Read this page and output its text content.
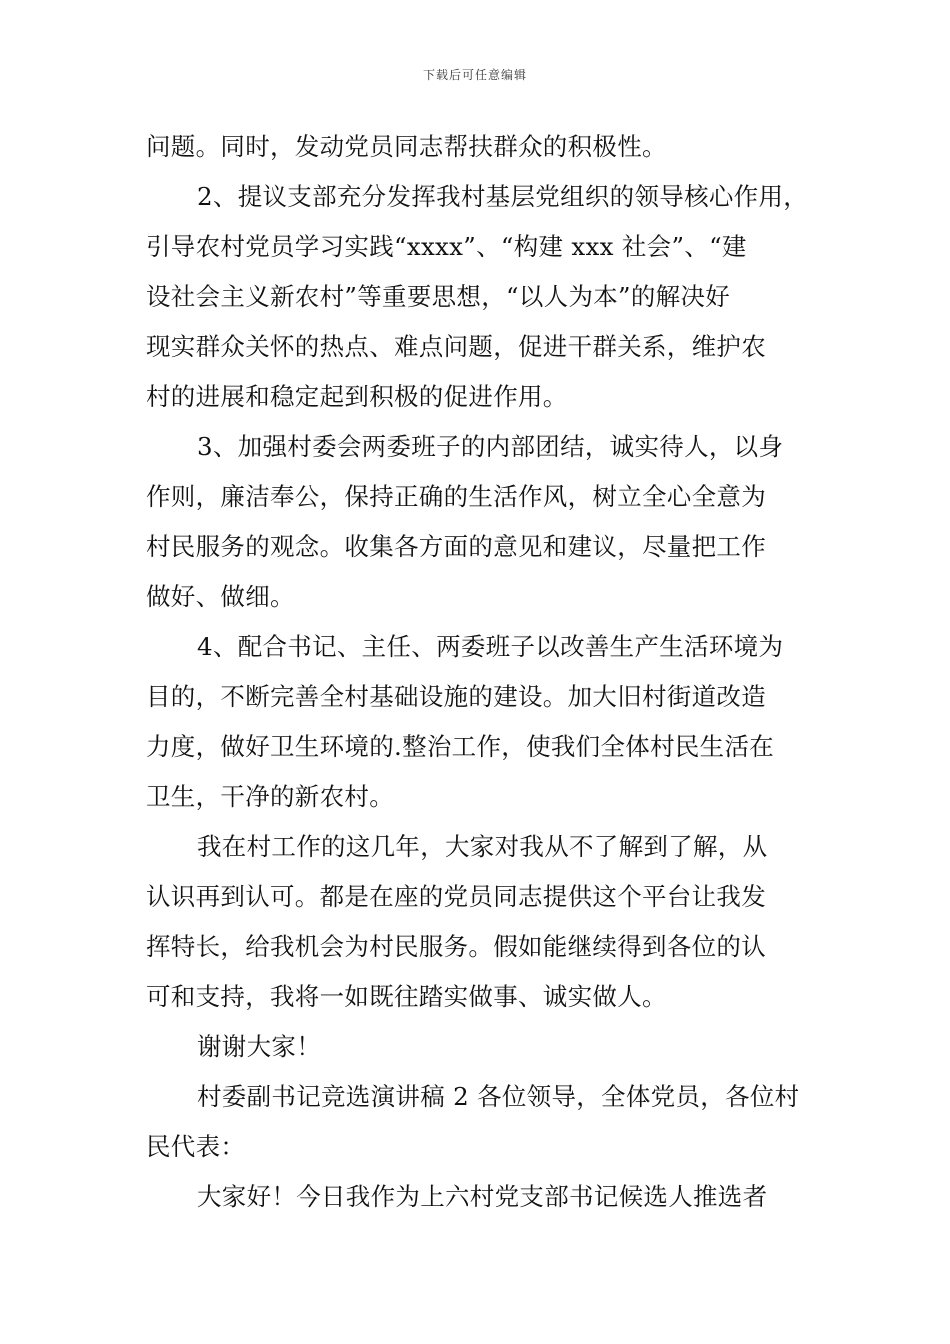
下载后可任意编辑
问题。同时，发动党员同志帮扶群众的积极性。
2、提议支部充分发挥我村基层党组织的领导核心作用，
引导农村党员学习实践“xxxx”、“构建 xxx 社会”、“建
设社会主义新农村”等重要思想，“以人为本”的解决好
现实群众关怀的热点、难点问题，促进干群关系，维护农
村的进展和稳定起到积极的促进作用。
3、加强村委会两委班子的内部团结，诚实待人，以身
作则，廉洁奉公，保持正确的生活作风，树立全心全意为
村民服务的观念。收集各方面的意见和建议，尽量把工作
做好、做细。
4、配合书记、主任、两委班子以改善生产生活环境为
目的，不断完善全村基础设施的建设。加大旧村街道改造
力度，做好卫生环境的.整治工作，使我们全体村民生活在
卫生，干净的新农村。
我在村工作的这几年，大家对我从不了解到了解，从
认识再到认可。都是在座的党员同志提供这个平台让我发
挥特长，给我机会为村民服务。假如能继续得到各位的认
可和支持，我将一如既往踏实做事、诚实做人。
谢谢大家！
村委副书记竞选演讲稿 2 各位领导，全体党员，各位村
民代表：
大家好！今日我作为上六村党支部书记候选人推选者
